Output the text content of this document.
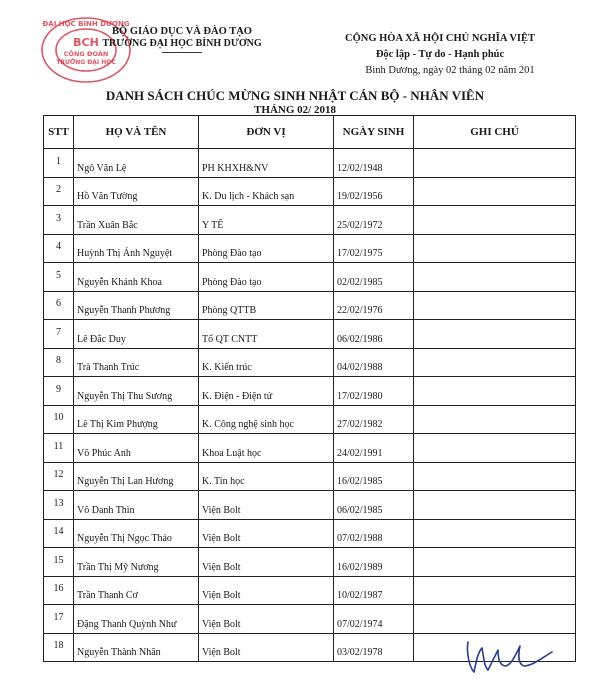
ĐẠI HỌC BÌNH DƯƠNG
BCH
CÔNG ĐOÀN
TRƯỜNG ĐẠI HỌC
BỘ GIÁO DỤC VÀ ĐÀO TẠO
TRƯỜNG ĐẠI HỌC BÌNH DƯƠNG	CỘNG HÒA XÃ HỘI CHỦ NGHĨA VIỆT
Độc lập - Tự do - Hạnh phúc
Bình Dương, ngày 02 tháng 02 năm 201
DANH SÁCH CHÚC MỪNG SINH NHẬT CÁN BỘ - NHÂN VIÊN
THÁNG 02/ 2018
STT	HỌ VÀ TÊN	ĐƠN VỊ	NGÀY SINH	GHI CHÚ
1	Ngô Văn Lệ	PH KHXH&NV	12/02/1948	
2	Hồ Văn Tường	K. Du lịch - Khách sạn	19/02/1956	
3	Trần Xuân Bắc	Y TẾ	25/02/1972	
4	Huỳnh Thị Ánh Nguyệt	Phòng Đào tạo	17/02/1975	
5	Nguyễn Khánh Khoa	Phòng Đào tạo	02/02/1985	
6	Nguyễn Thanh Phương	Phòng QTTB	22/02/1976	
7	Lê Đắc Duy	Tổ QT CNTT	06/02/1986	
8	Trà Thanh Trúc	K. Kiến trúc	04/02/1988	
9	Nguyễn Thị Thu Sương	K. Điện - Điện tử	17/02/1980	
10	Lê Thị Kim Phượng	K. Công nghệ sinh học	27/02/1982	
11	Võ Phúc Anh	Khoa Luật học	24/02/1991	
12	Nguyễn Thị Lan Hương	K. Tin học	16/02/1985	
13	Võ Danh Thìn	Viện Bolt	06/02/1985	
14	Nguyễn Thị Ngọc Thảo	Viện Bolt	07/02/1988	
15	Trần Thị Mỹ Nương	Viện Bolt	16/02/1989	
16	Trần Thanh Cơ	Viện Bolt	10/02/1987	
17	Đặng Thanh Quỳnh Như	Viện Bolt	07/02/1974	
18	Nguyễn Thành Nhân	Viện Bolt	03/02/1978	
